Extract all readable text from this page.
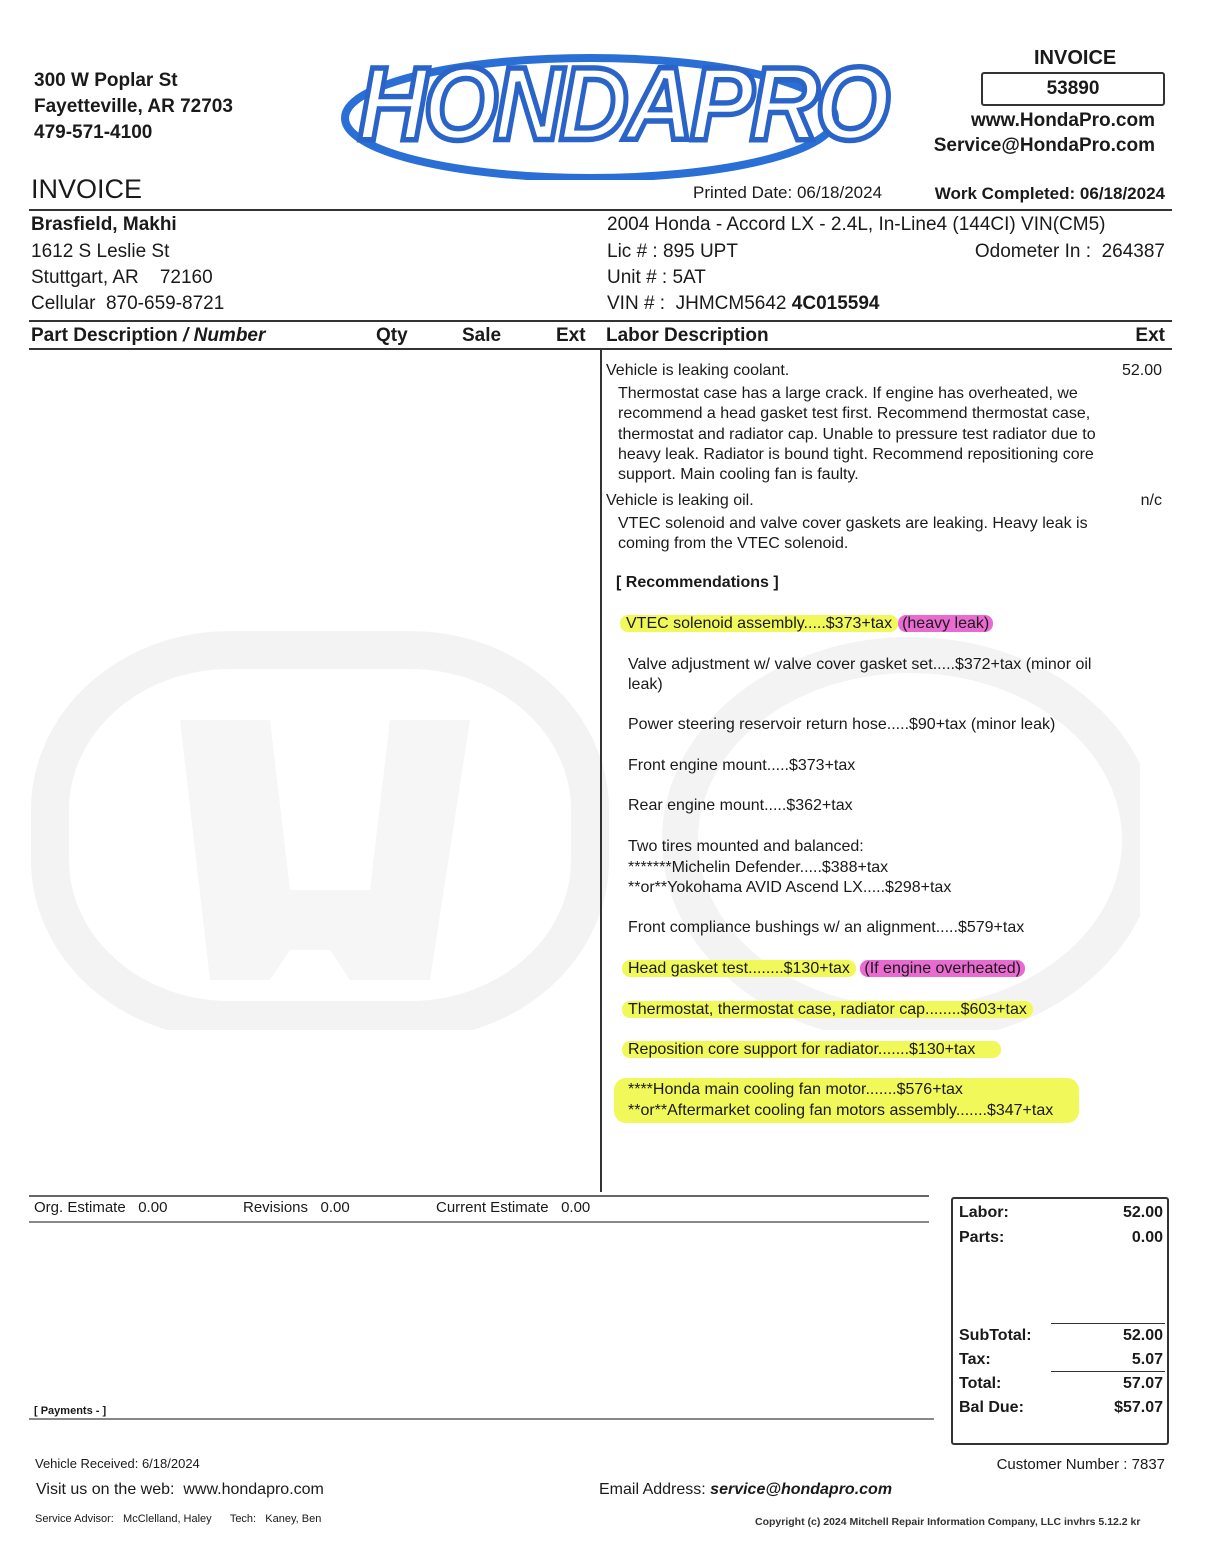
300 W Poplar St
Fayetteville, AR 72703
479-571-4100 HONDAPRO	INVOICE
53890
www.HondaPro.com
Service@HondaPro.com
INVOICE	Printed Date: 06/18/2024	Work Completed: 06/18/2024
Brasfield, Makhi
1612 S Leslie St
Stuttgart, AR    72160
Cellular  870-659-8721
2004 Honda - Accord LX - 2.4L, In-Line4 (144CI) VIN(CM5)
Lic # : 895 UPT	Odometer In :  264387
Unit # : 5AT
VIN # :  JHMCM5642 4C015594
Part Description / Number	Qty	Sale	Ext Labor Description	Ext
Vehicle is leaking coolant.	52.00
Thermostat case has a large crack. If engine has overheated, we
recommend a head gasket test first. Recommend thermostat case,
thermostat and radiator cap. Unable to pressure test radiator due to
heavy leak. Radiator is bound tight. Recommend repositioning core
support. Main cooling fan is faulty.
Vehicle is leaking oil.	n/c
VTEC solenoid and valve cover gaskets are leaking. Heavy leak is
coming from the VTEC solenoid.
[ Recommendations ]
VTEC solenoid assembly.....$373+tax (heavy leak)
Valve adjustment w/ valve cover gasket set.....$372+tax (minor oil
leak)
Power steering reservoir return hose.....$90+tax (minor leak)
Front engine mount.....$373+tax
Rear engine mount.....$362+tax
Two tires mounted and balanced:
*******Michelin Defender.....$388+tax
**or**Yokohama AVID Ascend LX.....$298+tax
Front compliance bushings w/ an alignment.....$579+tax
Head gasket test........$130+tax (If engine overheated)
Thermostat, thermostat case, radiator cap........$603+tax
Reposition core support for radiator.......$130+tax
****Honda main cooling fan motor.......$576+tax
**or**Aftermarket cooling fan motors assembly.......$347+tax
Org. Estimate 0.00	Revisions 0.00	Current Estimate 0.00
[ Payments - ]
Labor:	52.00
Parts:	0.00
SubTotal:	52.00
Tax:	5.07
Total:	57.07
Bal Due:	$57.07
Vehicle Received: 6/18/2024	Customer Number : 7837
Visit us on the web: www.hondapro.com	Email Address: service@hondapro.com
Service Advisor:   McClelland, Haley      Tech:   Kaney, Ben	Copyright (c) 2024 Mitchell Repair Information Company, LLC invhrs 5.12.2 kr
